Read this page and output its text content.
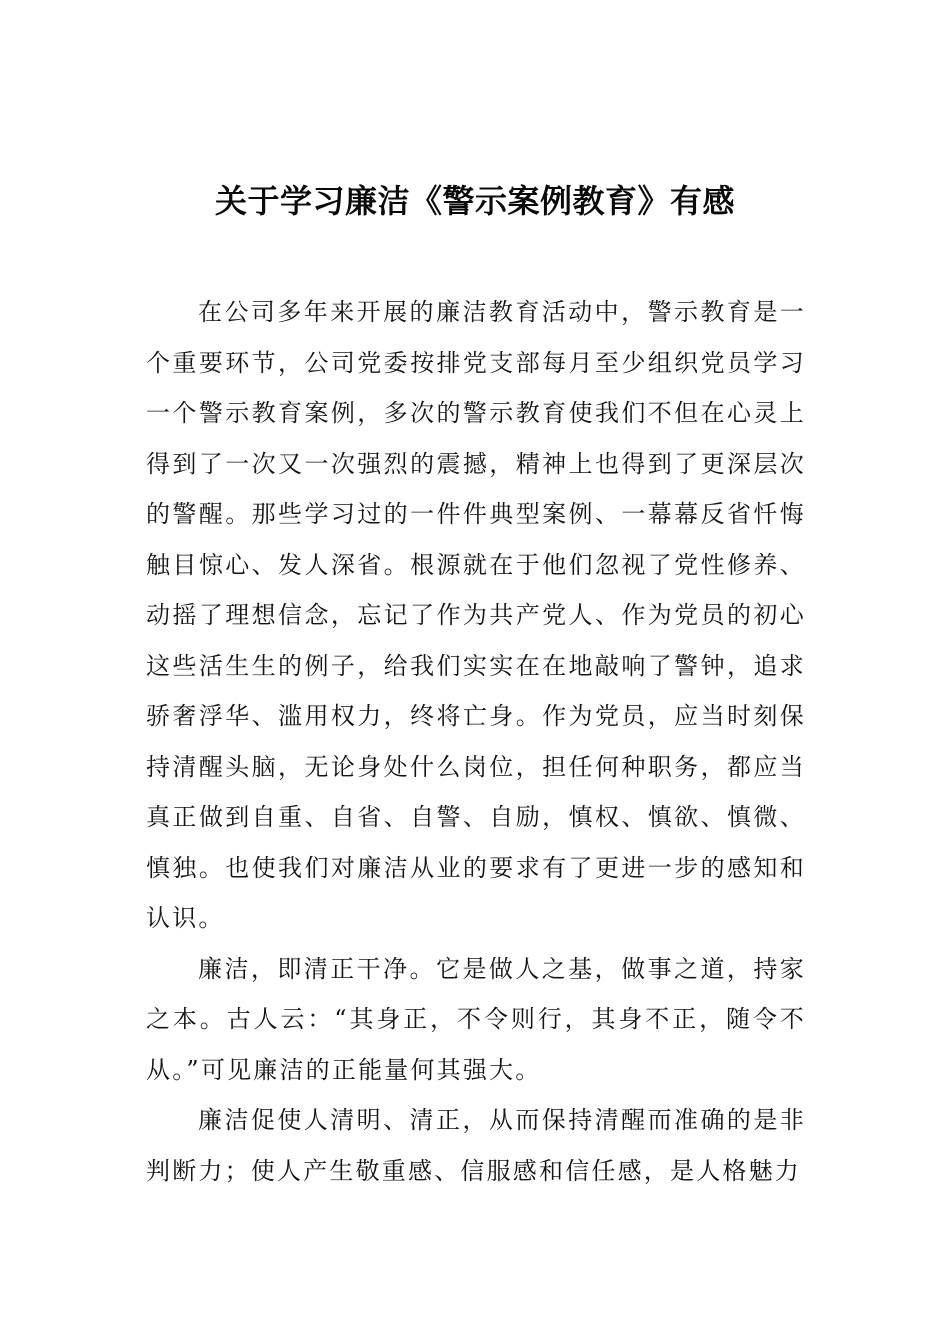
关于学习廉洁《警示案例教育》有感

在公司多年来开展的廉洁教育活动中，警示教育是一个重要环节，公司党委按排党支部每月至少组织党员学习一个警示教育案例，多次的警示教育使我们不但在心灵上得到了一次又一次强烈的震撼，精神上也得到了更深层次的警醒。那些学习过的一件件典型案例、一幕幕反省忏悔触目惊心、发人深省。根源就在于他们忽视了党性修养、动摇了理想信念，忘记了作为共产党人、作为党员的初心这些活生生的例子，给我们实实在在地敲响了警钟，追求骄奢浮华、滥用权力，终将亡身。作为党员，应当时刻保持清醒头脑，无论身处什么岗位，担任何种职务，都应当真正做到自重、自省、自警、自励，慎权、慎欲、慎微、慎独。也使我们对廉洁从业的要求有了更进一步的感知和认识。

廉洁，即清正干净。它是做人之基，做事之道，持家之本。古人云：“其身正，不令则行，其身不正，随令不从。”可见廉洁的正能量何其强大。

廉洁促使人清明、清正，从而保持清醒而准确的是非判断力；使人产生敬重感、信服感和信任感，是人格魅力
